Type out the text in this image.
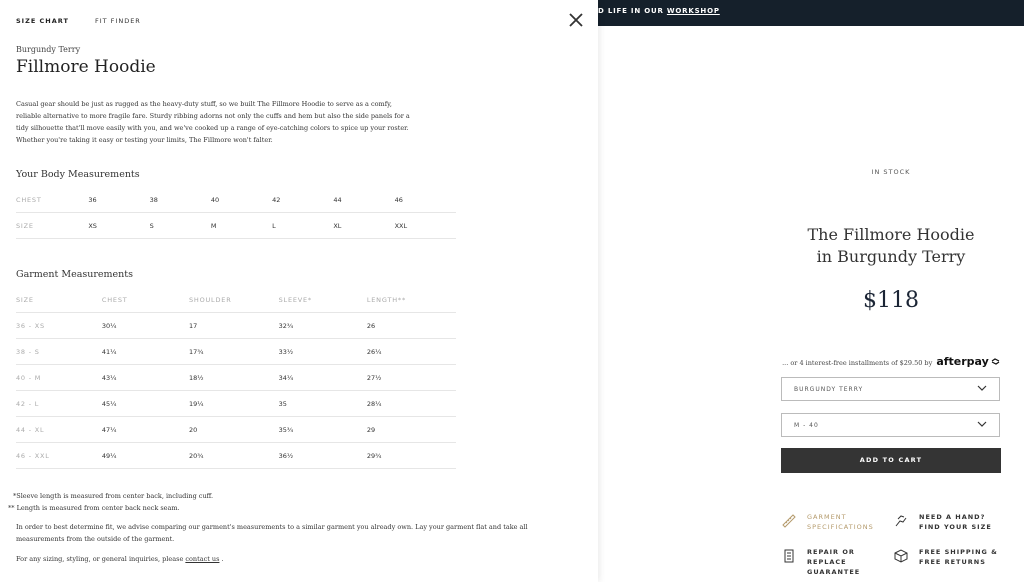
D LIFE IN OUR WORKSHOP
IN STOCK
The Fillmore Hoodie
in Burgundy Terry
$118
... or 4 interest-free installments of $29.50 by afterpay
BURGUNDY TERRY
M - 40
ADD TO CART
GARMENT
SPECIFICATIONS
NEED A HAND?
FIND YOUR SIZE
REPAIR OR REPLACE
GUARANTEE
FREE SHIPPING &
FREE RETURNS
SIZE CHART	FIT FINDER
Burgundy Terry
Fillmore Hoodie
Casual gear should be just as rugged as the heavy-duty stuff, so we built The Fillmore Hoodie to serve as a comfy, reliable alternative to more fragile fare. Sturdy ribbing adorns not only the cuffs and hem but also the side panels for a tidy silhouette that'll move easily with you, and we've cooked up a range of eye-catching colors to spice up your roster. Whether you're taking it easy or testing your limits, The Fillmore won't falter.
Your Body Measurements
CHEST	36	38	40	42	44	46
SIZE	XS	S	M	L	XL	XXL
Garment Measurements
SIZE	CHEST	SHOULDER	SLEEVE*	LENGTH**
36 - XS	30¼	17	32¾	26
38 - S	41¼	17¾	33½	26¼
40 - M	43¼	18½	34¼	27½
42 - L	45¼	19¼	35	28¼
44 - XL	47¼	20	35¾	29
46 - XXL	49¼	20¾	36½	29¾
*Sleeve length is measured from center back, including cuff.
** Length is measured from center back neck seam.
In order to best determine fit, we advise comparing our garment's measurements to a similar garment you already own. Lay your garment flat and take all measurements from the outside of the garment.
For any sizing, styling, or general inquiries, please contact us .
